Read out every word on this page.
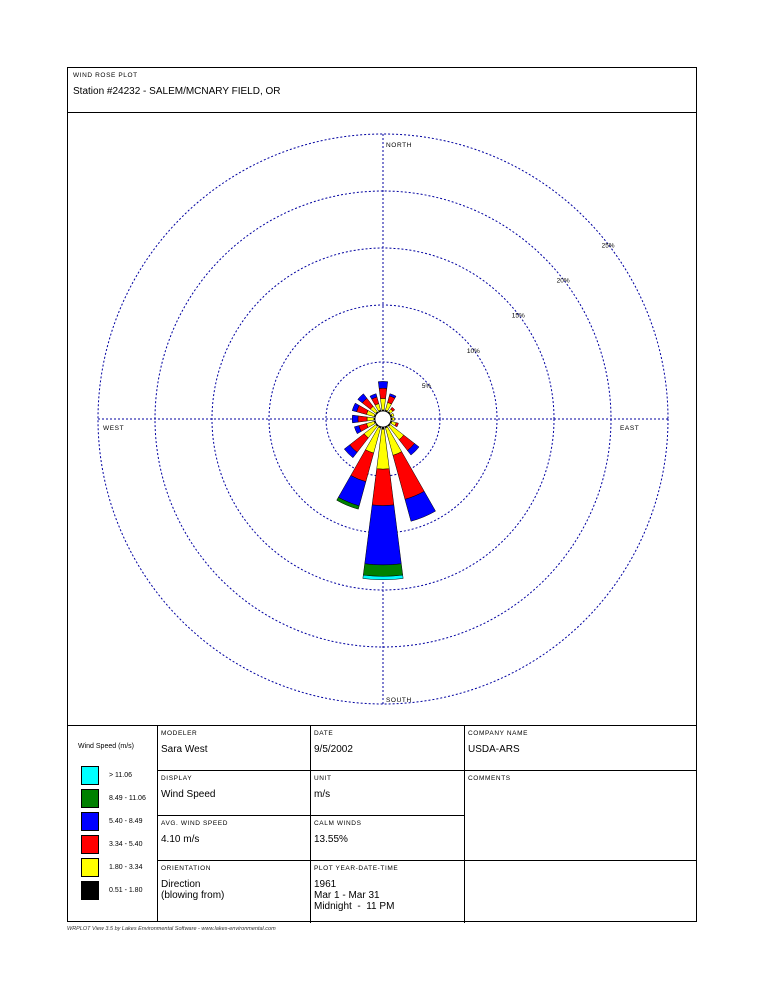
WIND ROSE PLOT
Station #24232 - SALEM/MCNARY FIELD, OR
5%
10%
15%
20%
25%
NORTH
SOUTH
EAST
WEST
Wind Speed (m/s)
> 11.06
8.49 - 11.06
5.40 - 8.49
3.34 - 5.40
1.80 - 3.34
0.51 - 1.80
MODELER
Sara West
DATE
9/5/2002
COMPANY NAME
USDA-ARS
DISPLAY
Wind Speed
UNIT
m/s
COMMENTS
AVG. WIND SPEED
4.10 m/s
CALM WINDS
13.55%
ORIENTATION
Direction
(blowing from)
PLOT YEAR-DATE-TIME
1961
Mar 1 - Mar 31
Midnight  -  11 PM
WRPLOT View 3.5 by Lakes Environmental Software - www.lakes-environmental.com
